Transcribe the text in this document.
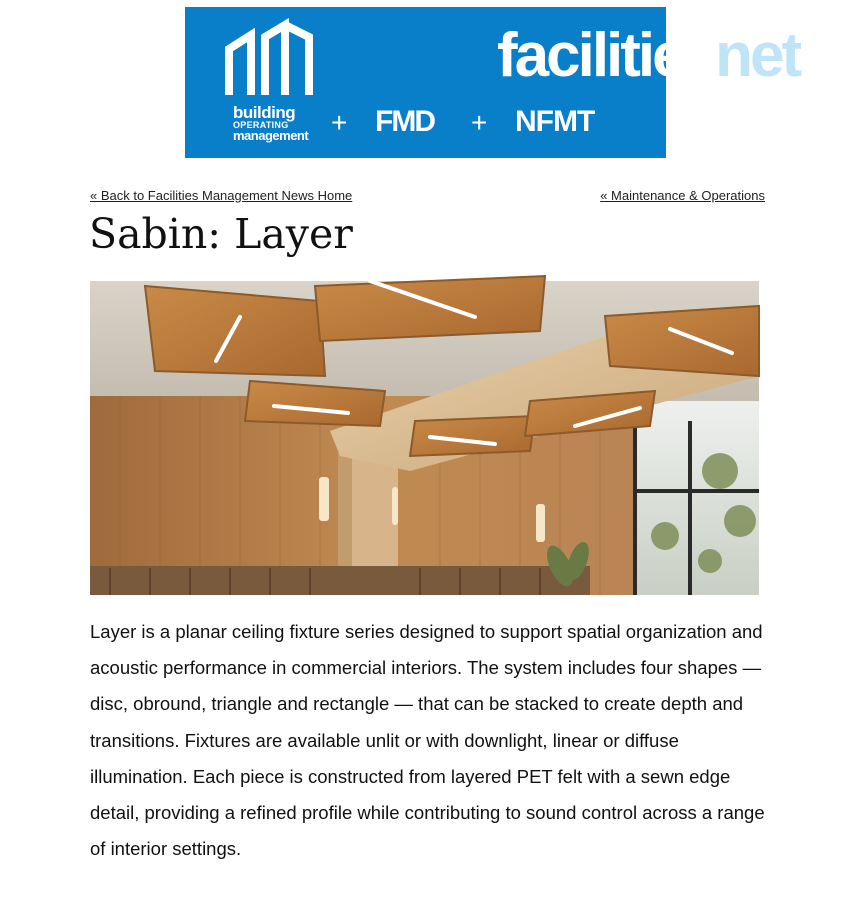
facilitiesnet
building
OPERATING
management + FMD + NFMT
« Back to Facilities Management News Home	« Maintenance & Operations
Sabin: Layer

Layer is a planar ceiling fixture series designed to support spatial organization and acoustic performance in commercial interiors. The system includes four shapes —disc, obround, triangle and rectangle — that can be stacked to create depth and transitions. Fixtures are available unlit or with downlight, linear or diffuse illumination. Each piece is constructed from layered PET felt with a sewn edge detail, providing a refined profile while contributing to sound control across a range of interior settings.
